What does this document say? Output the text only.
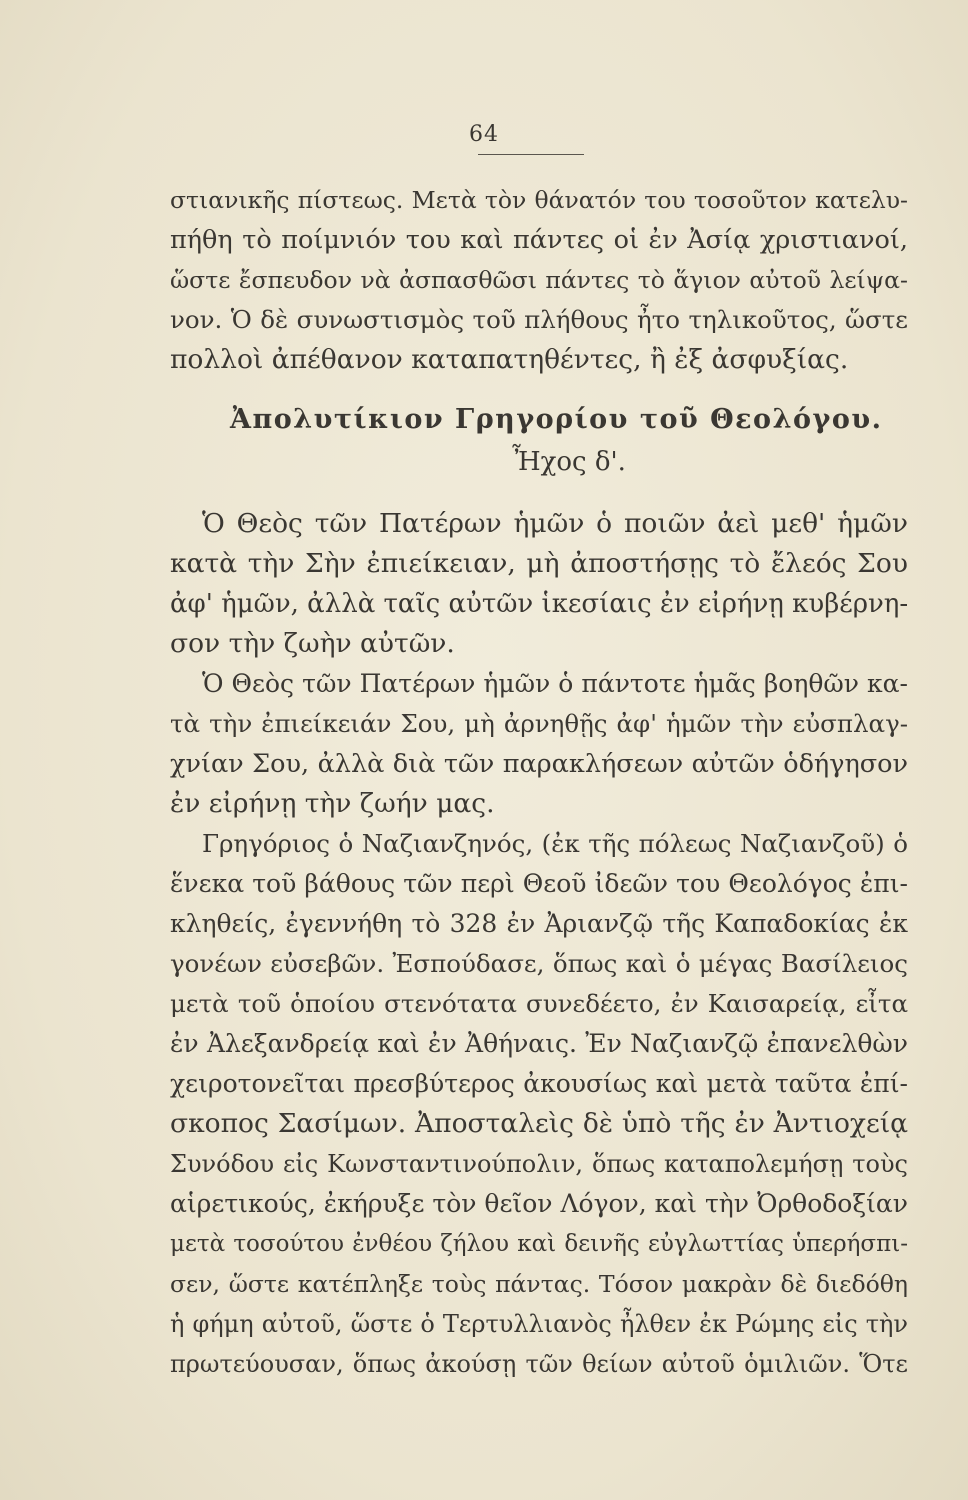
64
στιανικῆς πίστεως. Μετὰ τὸν θάνατόν του τοσοῦτον κατελυ-
πήθη τὸ ποίμνιόν του καὶ πάντες οἱ ἐν Ἀσίᾳ χριστιανοί,
ὥστε ἔσπευδον νὰ ἀσπασθῶσι πάντες τὸ ἅγιον αὐτοῦ λείψα-
νον. Ὁ δὲ συνωστισμὸς τοῦ πλήθους ἦτο τηλικοῦτος, ὥστε
πολλοὶ ἀπέθανον καταπατηθέντες, ἢ ἐξ ἀσφυξίας.
Ἀπολυτίκιον Γρηγορίου τοῦ Θεολόγου.
Ἦχος δ'.
Ὁ Θεὸς τῶν Πατέρων ἡμῶν ὁ ποιῶν ἀεὶ μεθ' ἡμῶν
κατὰ τὴν Σὴν ἐπιείκειαν, μὴ ἀποστήσῃς τὸ ἔλεός Σου
ἀφ' ἡμῶν, ἀλλὰ ταῖς αὐτῶν ἱκεσίαις ἐν εἰρήνῃ κυβέρνη-
σον τὴν ζωὴν αὐτῶν.
Ὁ Θεὸς τῶν Πατέρων ἡμῶν ὁ πάντοτε ἡμᾶς βοηθῶν κα-
τὰ τὴν ἐπιείκειάν Σου, μὴ ἀρνηθῇς ἀφ' ἡμῶν τὴν εὐσπλαγ-
χνίαν Σου, ἀλλὰ διὰ τῶν παρακλήσεων αὐτῶν ὁδήγησον
ἐν εἰρήνῃ τὴν ζωήν μας.
Γρηγόριος ὁ Ναζιανζηνός, (ἐκ τῆς πόλεως Ναζιανζοῦ) ὁ
ἕνεκα τοῦ βάθους τῶν περὶ Θεοῦ ἰδεῶν του Θεολόγος ἐπι-
κληθείς, ἐγεννήθη τὸ 328 ἐν Ἀριανζῷ τῆς Καπαδοκίας ἐκ
γονέων εὐσεβῶν. Ἐσπούδασε, ὅπως καὶ ὁ μέγας Βασίλειος
μετὰ τοῦ ὁποίου στενότατα συνεδέετο, ἐν Καισαρείᾳ, εἶτα
ἐν Ἀλεξανδρείᾳ καὶ ἐν Ἀθήναις. Ἐν Ναζιανζῷ ἐπανελθὼν
χειροτονεῖται πρεσβύτερος ἀκουσίως καὶ μετὰ ταῦτα ἐπί-
σκοπος Σασίμων. Ἀποσταλεὶς δὲ ὑπὸ τῆς ἐν Ἀντιοχείᾳ
Συνόδου εἰς Κωνσταντινούπολιν, ὅπως καταπολεμήσῃ τοὺς
αἱρετικούς, ἐκήρυξε τὸν θεῖον Λόγον, καὶ τὴν Ὀρθοδοξίαν
μετὰ τοσούτου ἐνθέου ζήλου καὶ δεινῆς εὐγλωττίας ὑπερήσπι-
σεν, ὥστε κατέπληξε τοὺς πάντας. Τόσον μακρὰν δὲ διεδόθη
ἡ φήμη αὐτοῦ, ὥστε ὁ Τερτυλλιανὸς ἦλθεν ἐκ Ρώμης εἰς τὴν
πρωτεύουσαν, ὅπως ἀκούσῃ τῶν θείων αὐτοῦ ὁμιλιῶν. Ὅτε
